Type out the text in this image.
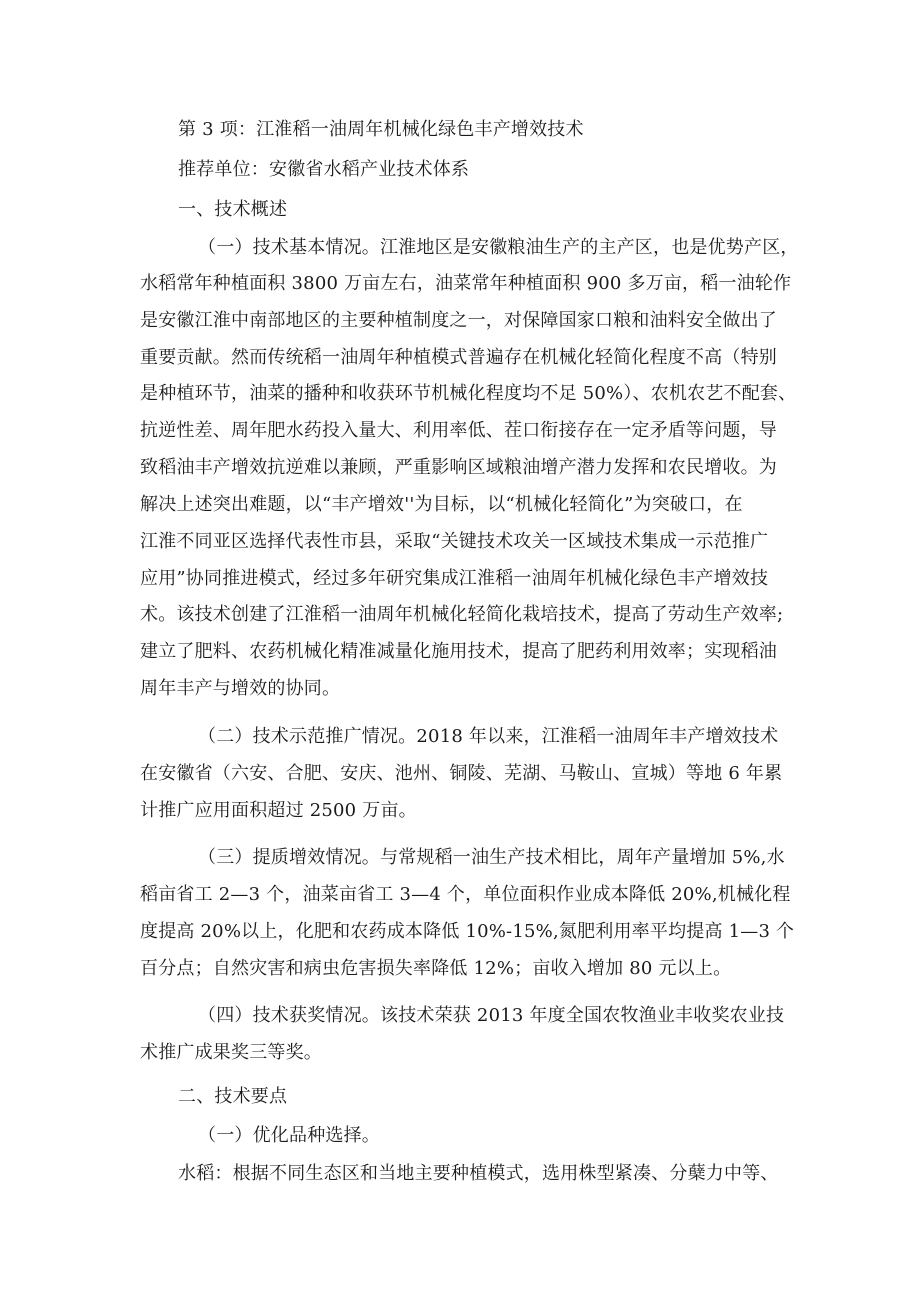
第 3 项：江淮稻一油周年机械化绿色丰产增效技术
推荐单位：安徽省水稻产业技术体系
一、技术概述
（一）技术基本情况。江淮地区是安徽粮油生产的主产区，也是优势产区，
水稻常年种植面积 3800 万亩左右，油菜常年种植面积 900 多万亩，稻一油轮作
是安徽江淮中南部地区的主要种植制度之一，对保障国家口粮和油料安全做出了
重要贡献。然而传统稻一油周年种植模式普遍存在机械化轻简化程度不高（特别
是种植环节，油菜的播种和收获环节机械化程度均不足 50%）、农机农艺不配套、
抗逆性差、周年肥水药投入量大、利用率低、茬口衔接存在一定矛盾等问题，导
致稻油丰产增效抗逆难以兼顾，严重影响区域粮油增产潜力发挥和农民增收。为
解决上述突出难题，以“丰产增效''为目标，以“机械化轻简化”为突破口，在
江淮不同亚区选择代表性市县，采取“关键技术攻关一区域技术集成一示范推广
应用”协同推进模式，经过多年研究集成江淮稻一油周年机械化绿色丰产增效技
术。该技术创建了江淮稻一油周年机械化轻简化栽培技术，提高了劳动生产效率;
建立了肥料、农药机械化精准减量化施用技术，提高了肥药利用效率；实现稻油
周年丰产与增效的协同。
（二）技术示范推广情况。2018 年以来，江淮稻一油周年丰产增效技术
在安徽省（六安、合肥、安庆、池州、铜陵、芜湖、马鞍山、宣城）等地 6 年累
计推广应用面积超过 2500 万亩。
（三）提质增效情况。与常规稻一油生产技术相比，周年产量增加 5%,水
稻亩省工 2—3 个，油菜亩省工 3—4 个，单位面积作业成本降低 20%,机械化程
度提高 20%以上，化肥和农药成本降低 10%-15%,氮肥利用率平均提高 1—3 个
百分点；自然灾害和病虫危害损失率降低 12%；亩收入增加 80 元以上。
（四）技术获奖情况。该技术荣获 2013 年度全国农牧渔业丰收奖农业技
术推广成果奖三等奖。
二、技术要点
（一）优化品种选择。
水稻：根据不同生态区和当地主要种植模式，选用株型紧凑、分蘖力中等、
